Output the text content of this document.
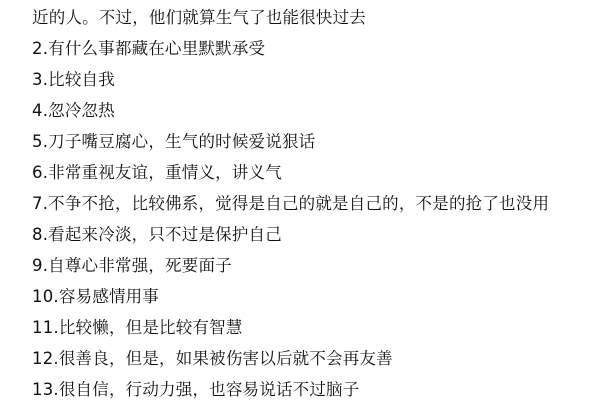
近的人。不过，他们就算生气了也能很快过去
2.有什么事都藏在心里默默承受
3.比较自我
4.忽冷忽热
5.刀子嘴豆腐心，生气的时候爱说狠话
6.非常重视友谊，重情义，讲义气
7.不争不抢，比较佛系，觉得是自己的就是自己的，不是的抢了也没用
8.看起来冷淡，只不过是保护自己
9.自尊心非常强，死要面子
10.容易感情用事
11.比较懒，但是比较有智慧
12.很善良，但是，如果被伤害以后就不会再友善
13.很自信，行动力强，也容易说话不过脑子
